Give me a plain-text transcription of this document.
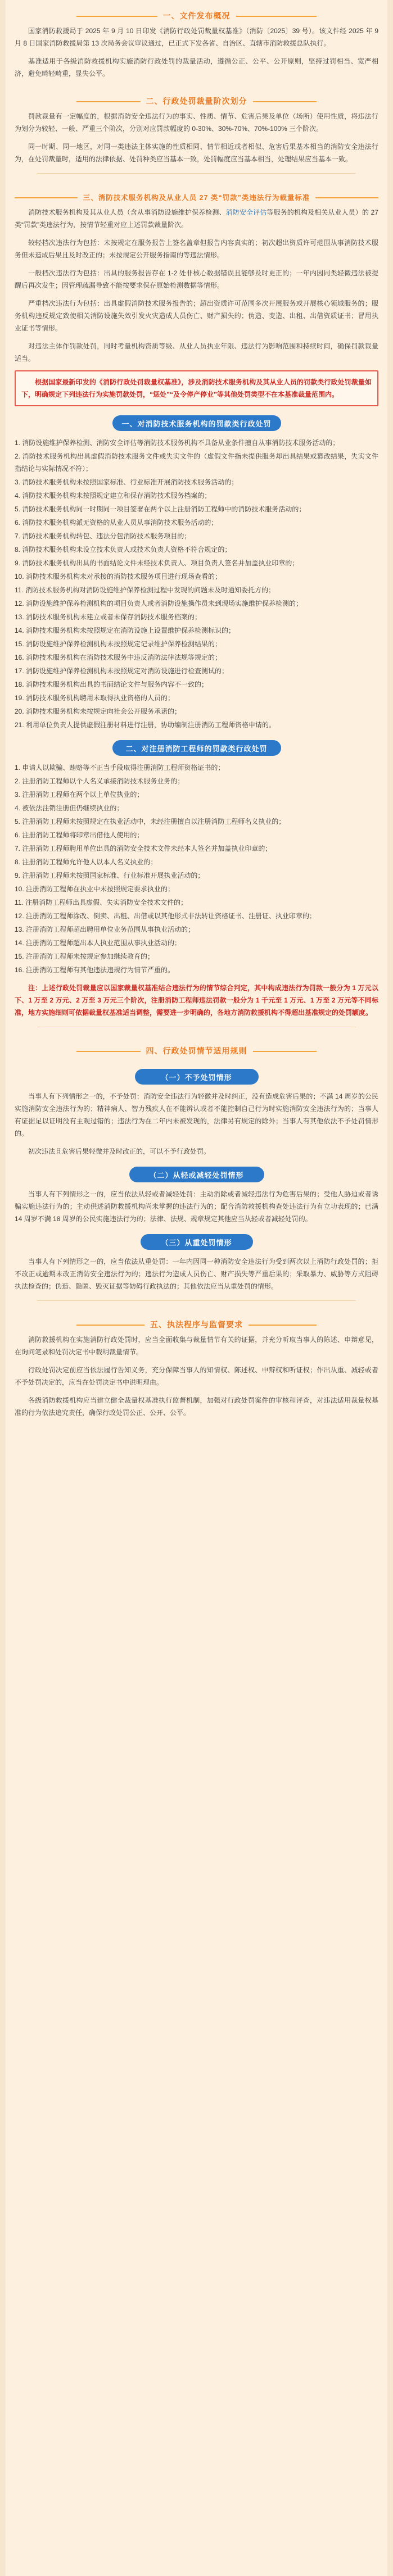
一、文件发布概况

国家消防救援局于 2025 年 9 月 10 日印发《消防行政处罚裁量权基准》（消防〔2025〕39 号）。该文件经 2025 年 9 月 8 日国家消防救援局第 13 次局务会议审议通过，已正式下发各省、自治区、直辖市消防救援总队执行。

基准适用于各级消防救援机构实施消防行政处罚的裁量活动，遵循公正、公平、公开原则，坚持过罚相当、宽严相济，避免畸轻畸重，显失公平。

二、行政处罚裁量阶次划分

罚款裁量有一定幅度的，根据消防安全违法行为的事实、性质、情节、危害后果及单位（场所）使用性质，将违法行为划分为较轻、一般、严重三个阶次，分别对应罚款幅度的 0-30%、30%-70%、70%-100% 三个阶次。

同一时期、同一地区，对同一类违法主体实施的性质相同、情节相近或者相似、危害后果基本相当的消防安全违法行为，在处罚裁量时，适用的法律依据、处罚种类应当基本一致，处罚幅度应当基本相当，处理结果应当基本一致。

三、消防技术服务机构及从业人员 27 类“罚款”类违法行为裁量标准

消防技术服务机构及其从业人员（含从事消防设施维护保养检测、消防安全评估等服务的机构及相关从业人员）的 27 类“罚款”类违法行为，按情节轻重对应上述罚款裁量阶次。

较轻档次违法行为包括：未按规定在服务报告上签名盖章但报告内容真实的；初次超出资质许可范围从事消防技术服务但未造成后果且及时改正的；未按规定公开服务指南的等违法情形。

一般档次违法行为包括：出具的服务报告存在 1-2 处非核心数据错误且能够及时更正的；一年内因同类轻微违法被提醒后再次发生；因管理疏漏导致不能按要求保存原始检测数据等情形。

严重档次违法行为包括：出具虚假消防技术服务报告的；超出资质许可范围多次开展服务或开展核心领域服务的；服务机构违反规定致使相关消防设施失效引发火灾造成人员伤亡、财产损失的；伪造、变造、出租、出借资质证书；冒用执业证书等情形。

对违法主体作罚款处罚，同时考量机构资质等级、从业人员执业年限、违法行为影响范围和持续时间，确保罚款裁量适当。

根据国家最新印发的《消防行政处罚裁量权基准》，涉及消防技术服务机构及其从业人员的罚款类行政处罚裁量如下，明确规定下列违法行为实施罚款处罚，“惩处”“及令停产停业”等其他处罚类型不在本基准裁量范围内。

一、对消防技术服务机构的罚款类行政处罚
1. 消防设施维护保养检测、消防安全评估等消防技术服务机构不具备从业条件擅自从事消防技术服务活动的；
2. 消防技术服务机构出具虚假消防技术服务文件或失实文件的（虚假文件指未提供服务却出具结果或篡改结果，失实文件指结论与实际情况不符）；
3. 消防技术服务机构未按照国家标准、行业标准开展消防技术服务活动的；
4. 消防技术服务机构未按照规定建立和保存消防技术服务档案的；
5. 消防技术服务机构同一时期同一项目签署在两个以上注册消防工程师中的消防技术服务活动的；
6. 消防技术服务机构派无资格的从业人员从事消防技术服务活动的；
7. 消防技术服务机构转包、违法分包消防技术服务项目的；
8. 消防技术服务机构未设立技术负责人或技术负责人资格不符合规定的；
9. 消防技术服务机构出具的书面结论文件未经技术负责人、项目负责人签名并加盖执业印章的；
10. 消防技术服务机构未对承接的消防技术服务项目进行现场查看的；
11. 消防技术服务机构对消防设施维护保养检测过程中发现的问题未及时通知委托方的；
12. 消防设施维护保养检测机构的项目负责人或者消防设施操作员未到现场实施维护保养检测的；
13. 消防技术服务机构未建立或者未保存消防技术服务档案的；
14. 消防技术服务机构未按照规定在消防设施上设置维护保养检测标识的；
15. 消防设施维护保养检测机构未按照规定记录维护保养检测结果的；
16. 消防技术服务机构在消防技术服务中违反消防法律法规等规定的；
17. 消防设施维护保养检测机构未按照规定对消防设施进行检查测试的；
18. 消防技术服务机构出具的书面结论文件与服务内容不一致的；
19. 消防技术服务机构聘用未取得执业资格的人员的；
20. 消防技术服务机构未按规定向社会公开服务承诺的；
21. 利用单位负责人提供虚假注册材料进行注册，协助编制注册消防工程师资格申请的。
二、对注册消防工程师的罚款类行政处罚
1. 申请人以欺骗、贿赂等不正当手段取得注册消防工程师资格证书的；
2. 注册消防工程师以个人名义承接消防技术服务业务的；
3. 注册消防工程师在两个以上单位执业的；
4. 被依法注销注册但仍继续执业的；
5. 注册消防工程师未按照规定在执业活动中，未经注册擅自以注册消防工程师名义执业的；
6. 注册消防工程师将印章出借他人使用的；
7. 注册消防工程师聘用单位出具的消防安全技术文件未经本人签名并加盖执业印章的；
8. 注册消防工程师允许他人以本人名义执业的；
9. 注册消防工程师未按照国家标准、行业标准开展执业活动的；
10. 注册消防工程师在执业中未按照规定要求执业的；
11. 注册消防工程师出具虚假、失实消防安全技术文件的；
12. 注册消防工程师涂改、倒卖、出租、出借或以其他形式非法转让资格证书、注册证、执业印章的；
13. 注册消防工程师超出聘用单位业务范围从事执业活动的；
14. 注册消防工程师超出本人执业范围从事执业活动的；
15. 注册消防工程师未按规定参加继续教育的；
16. 注册消防工程师有其他违法违规行为情节严重的。

注：上述行政处罚裁量应以国家裁量权基准结合违法行为的情节综合判定，其中构成违法行为罚款一般分为 1 万元以下、1 万至 2 万元、2 万至 3 万元三个阶次，注册消防工程师违法罚款一般分为 1 千元至 1 万元、1 万至 2 万元等不同标准，地方实施细则可依据裁量权基准适当调整，需要进一步明确的，各地方消防救援机构不得超出基准规定的处罚额度。

四、行政处罚情节适用规则
（一）不予处罚情形

当事人有下列情形之一的，不予处罚：消防安全违法行为轻微并及时纠正，没有造成危害后果的；不满 14 周岁的公民实施消防安全违法行为的；精神病人、智力残疾人在不能辨认或者不能控制自己行为时实施消防安全违法行为的；当事人有证据足以证明没有主观过错的；违法行为在二年内未被发现的，法律另有规定的除外；当事人有其他依法不予处罚情形的。

初次违法且危害后果轻微并及时改正的，可以不予行政处罚。

（二）从轻或减轻处罚情形

当事人有下列情形之一的，应当依法从轻或者减轻处罚：主动消除或者减轻违法行为危害后果的；受他人胁迫或者诱骗实施违法行为的；主动供述消防救援机构尚未掌握的违法行为的；配合消防救援机构查处违法行为有立功表现的；已满 14 周岁不满 18 周岁的公民实施违法行为的；法律、法规、规章规定其他应当从轻或者减轻处罚的。

（三）从重处罚情形

当事人有下列情形之一的，应当依法从重处罚：一年内因同一种消防安全违法行为受到两次以上消防行政处罚的；拒不改正或逾期未改正消防安全违法行为的；违法行为造成人员伤亡、财产损失等严重后果的；采取暴力、威胁等方式阻碍执法检查的；伪造、隐匿、毁灭证据等妨碍行政执法的；其他依法应当从重处罚的情形。

五、执法程序与监督要求

消防救援机构在实施消防行政处罚时，应当全面收集与裁量情节有关的证据，并充分听取当事人的陈述、申辩意见，在询问笔录和处罚决定书中载明裁量情节。

行政处罚决定前应当依法履行告知义务，充分保障当事人的知情权、陈述权、申辩权和听证权；作出从重、减轻或者不予处罚决定的，应当在处罚决定书中说明理由。

各级消防救援机构应当建立健全裁量权基准执行监督机制，加强对行政处罚案件的审核和评查，对违法适用裁量权基准的行为依法追究责任，确保行政处罚公正、公开、公平。
